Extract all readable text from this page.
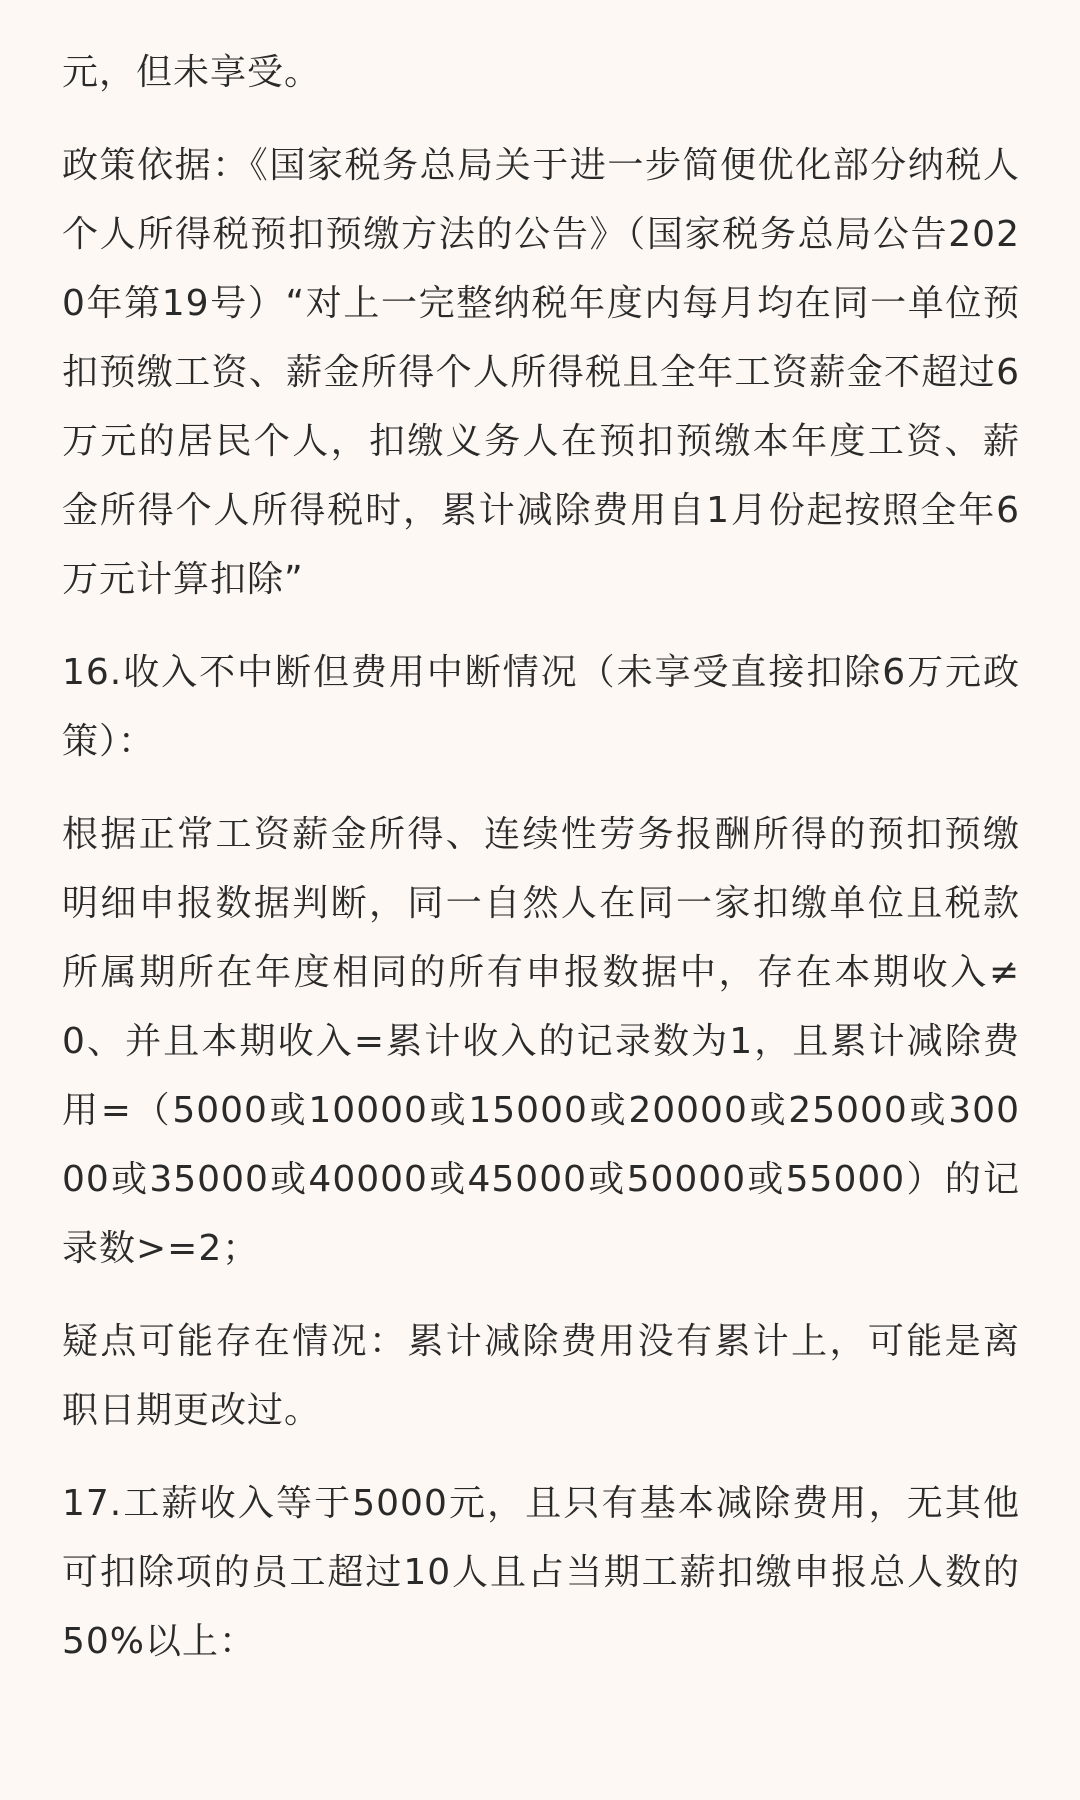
元，但未享受。

政策依据：《国家税务总局关于进一步简便优化部分纳税人个人所得税预扣预缴方法的公告》（国家税务总局公告2020年第19号）“对上一完整纳税年度内每月均在同一单位预扣预缴工资、薪金所得个人所得税且全年工资薪金不超过6万元的居民个人，扣缴义务人在预扣预缴本年度工资、薪金所得个人所得税时，累计减除费用自1月份起按照全年6万元计算扣除”

16.收入不中断但费用中断情况（未享受直接扣除6万元政策）：

根据正常工资薪金所得、连续性劳务报酬所得的预扣预缴明细申报数据判断，同一自然人在同一家扣缴单位且税款所属期所在年度相同的所有申报数据中，存在本期收入≠0、并且本期收入=累计收入的记录数为1，且累计减除费用=（5000或10000或15000或20000或25000或30000或35000或40000或45000或50000或55000）的记录数>=2；

疑点可能存在情况：累计减除费用没有累计上，可能是离职日期更改过。

17.工薪收入等于5000元，且只有基本减除费用，无其他可扣除项的员工超过10人且占当期工薪扣缴申报总人数的50%以上：
